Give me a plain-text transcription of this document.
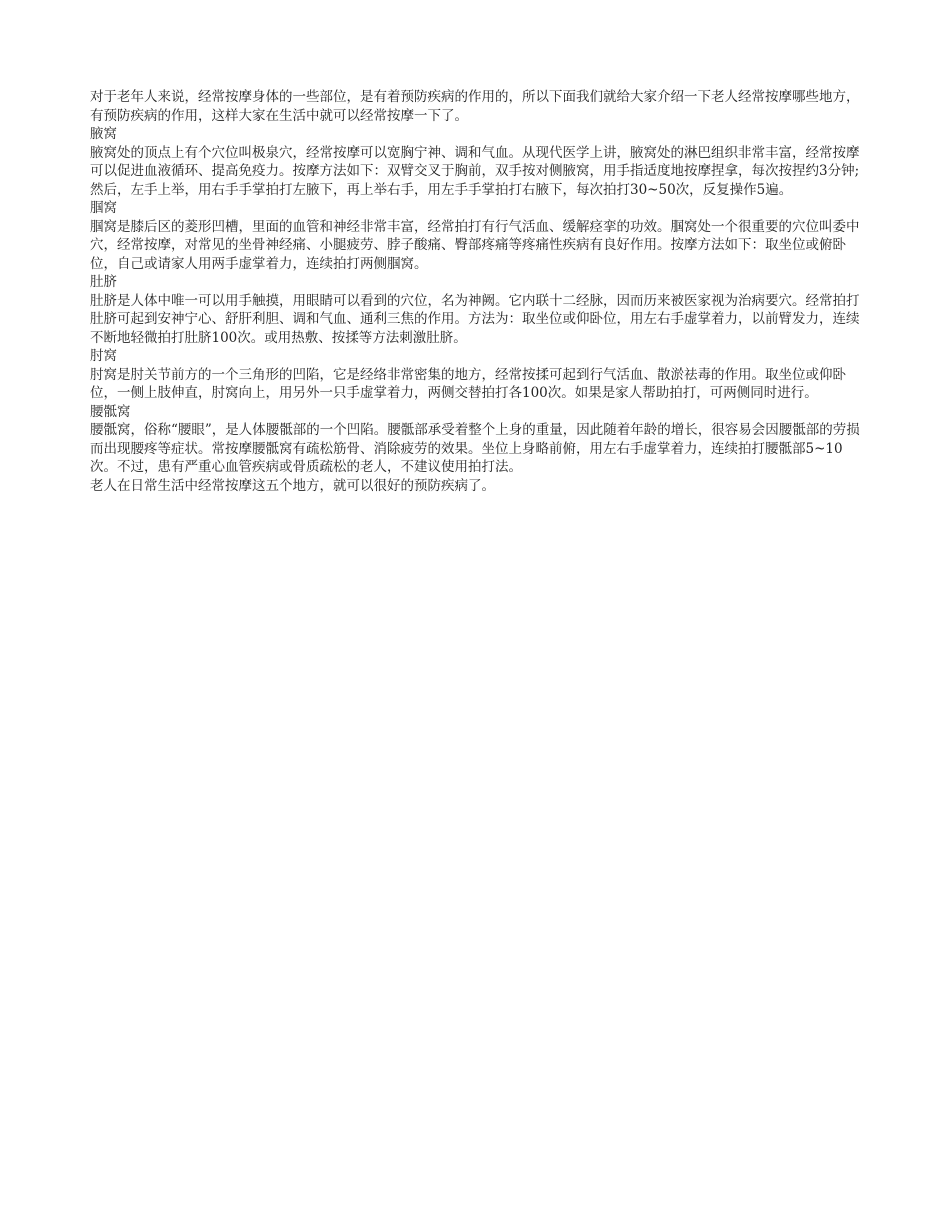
对于老年人来说，经常按摩身体的一些部位，是有着预防疾病的作用的，所以下面我们就给大家介绍一下老人经常按摩哪些地方，有预防疾病的作用，这样大家在生活中就可以经常按摩一下了。

腋窝

腋窝处的顶点上有个穴位叫极泉穴，经常按摩可以宽胸宁神、调和气血。从现代医学上讲，腋窝处的淋巴组织非常丰富，经常按摩可以促进血液循环、提高免疫力。按摩方法如下：双臂交叉于胸前，双手按对侧腋窝，用手指适度地按摩捏拿，每次按捏约3分钟;然后，左手上举，用右手手掌拍打左腋下，再上举右手，用左手手掌拍打右腋下，每次拍打30~50次，反复操作5遍。

腘窝

腘窝是膝后区的菱形凹槽，里面的血管和神经非常丰富，经常拍打有行气活血、缓解痉挛的功效。腘窝处一个很重要的穴位叫委中穴，经常按摩，对常见的坐骨神经痛、小腿疲劳、脖子酸痛、臀部疼痛等疼痛性疾病有良好作用。按摩方法如下：取坐位或俯卧位，自己或请家人用两手虚掌着力，连续拍打两侧腘窝。

肚脐

肚脐是人体中唯一可以用手触摸，用眼睛可以看到的穴位，名为神阙。它内联十二经脉，因而历来被医家视为治病要穴。经常拍打肚脐可起到安神宁心、舒肝利胆、调和气血、通利三焦的作用。方法为：取坐位或仰卧位，用左右手虚掌着力，以前臂发力，连续不断地轻微拍打肚脐100次。或用热敷、按揉等方法刺激肚脐。

肘窝

肘窝是肘关节前方的一个三角形的凹陷，它是经络非常密集的地方，经常按揉可起到行气活血、散淤祛毒的作用。取坐位或仰卧位，一侧上肢伸直，肘窝向上，用另外一只手虚掌着力，两侧交替拍打各100次。如果是家人帮助拍打，可两侧同时进行。

腰骶窝

腰骶窝，俗称“腰眼”，是人体腰骶部的一个凹陷。腰骶部承受着整个上身的重量，因此随着年龄的增长，很容易会因腰骶部的劳损而出现腰疼等症状。常按摩腰骶窝有疏松筋骨、消除疲劳的效果。坐位上身略前俯，用左右手虚掌着力，连续拍打腰骶部5~10次。不过，患有严重心血管疾病或骨质疏松的老人，不建议使用拍打法。

老人在日常生活中经常按摩这五个地方，就可以很好的预防疾病了。
